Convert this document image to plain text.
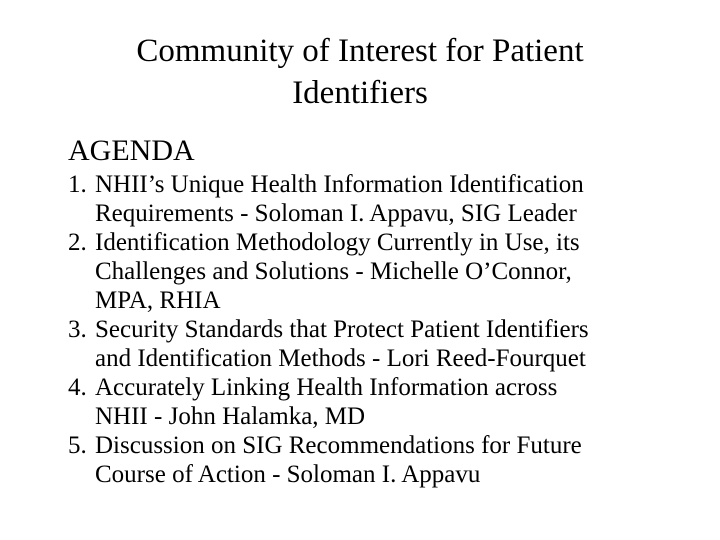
Community of Interest for Patient
Identifiers
AGENDA
1. NHII’s Unique Health Information Identification
Requirements - Soloman I. Appavu, SIG Leader
2. Identification Methodology Currently in Use, its
Challenges and Solutions - Michelle O’Connor,
MPA, RHIA
3. Security Standards that Protect Patient Identifiers
and Identification Methods - Lori Reed-Fourquet
4. Accurately Linking Health Information across
NHII - John Halamka, MD
5. Discussion on SIG Recommendations for Future
Course of Action - Soloman I. Appavu
